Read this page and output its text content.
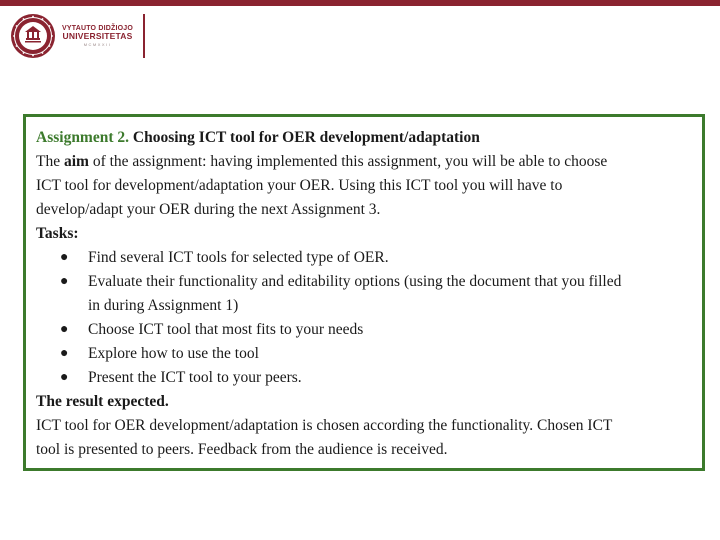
VYTAUTO DIDŽIOJO
UNIVERSITETAS
MCMXXII
Assignment 2. Choosing ICT tool for OER development/adaptation
The aim of the assignment: having implemented this assignment, you will be able to choose
ICT tool for development/adaptation your OER. Using this ICT tool you will have to
develop/adapt your OER during the next Assignment 3.
Tasks:
● Find several ICT tools for selected type of OER.
● Evaluate their functionality and editability options (using the document that you filled
in during Assignment 1)
● Choose ICT tool that most fits to your needs
● Explore how to use the tool
● Present the ICT tool to your peers.
The result expected.
ICT tool for OER development/adaptation is chosen according the functionality. Chosen ICT
tool is presented to peers. Feedback from the audience is received.
